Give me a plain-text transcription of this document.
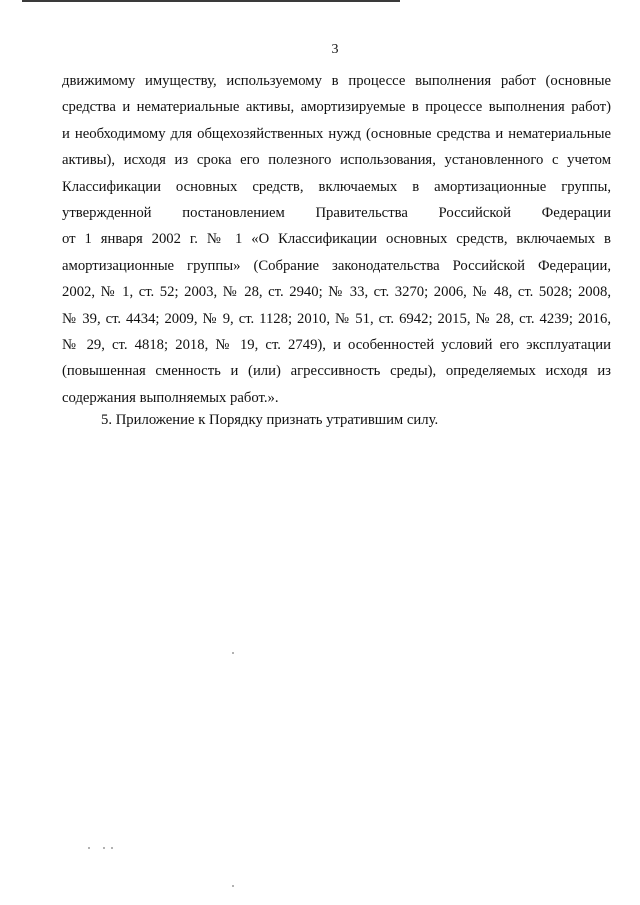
3
движимому имуществу, используемому в процессе выполнения работ (основные
средства и нематериальные активы, амортизируемые в процессе выполнения работ)
и необходимому для общехозяйственных нужд (основные средства и нематериальные
активы), исходя из срока его полезного использования, установленного с учетом
Классификации основных средств, включаемых в амортизационные группы,
утвержденной постановлением Правительства Российской Федерации
от 1 января 2002 г. № 1 «О Классификации основных средств, включаемых в
амортизационные группы» (Собрание законодательства Российской Федерации,
2002, № 1, ст. 52; 2003, № 28, ст. 2940; № 33, ст. 3270; 2006, № 48, ст. 5028; 2008,
№ 39, ст. 4434; 2009, № 9, ст. 1128; 2010, № 51, ст. 6942; 2015, № 28, ст. 4239; 2016,
№ 29, ст. 4818; 2018, № 19, ст. 2749), и особенностей условий его эксплуатации
(повышенная сменность и (или) агрессивность среды), определяемых исходя из
содержания выполняемых работ.».
5. Приложение к Порядку признать утратившим силу.
